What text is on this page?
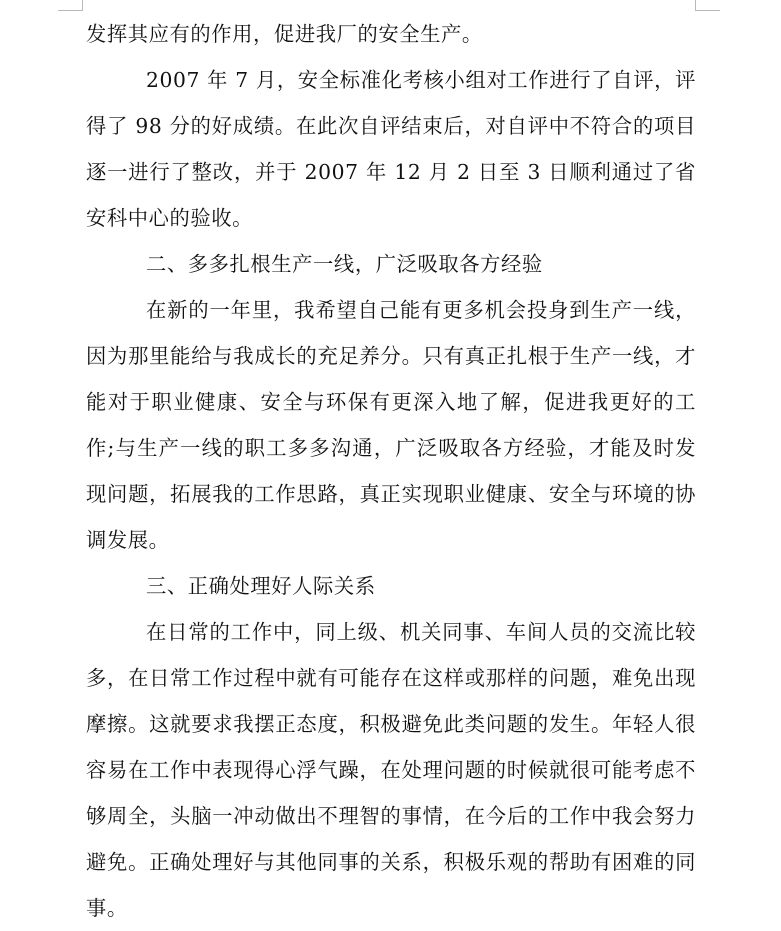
发挥其应有的作用，促进我厂的安全生产。

2007 年 7 月，安全标准化考核小组对工作进行了自评，评得了 98 分的好成绩。在此次自评结束后，对自评中不符合的项目逐一进行了整改，并于 2007 年 12 月 2 日至 3 日顺利通过了省安科中心的验收。

二、多多扎根生产一线，广泛吸取各方经验

在新的一年里，我希望自己能有更多机会投身到生产一线，因为那里能给与我成长的充足养分。只有真正扎根于生产一线，才能对于职业健康、安全与环保有更深入地了解，促进我更好的工作;与生产一线的职工多多沟通，广泛吸取各方经验，才能及时发现问题，拓展我的工作思路，真正实现职业健康、安全与环境的协调发展。

三、正确处理好人际关系

在日常的工作中，同上级、机关同事、车间人员的交流比较多，在日常工作过程中就有可能存在这样或那样的问题，难免出现摩擦。这就要求我摆正态度，积极避免此类问题的发生。年轻人很容易在工作中表现得心浮气躁，在处理问题的时候就很可能考虑不够周全，头脑一冲动做出不理智的事情，在今后的工作中我会努力避免。正确处理好与其他同事的关系，积极乐观的帮助有困难的同事。
